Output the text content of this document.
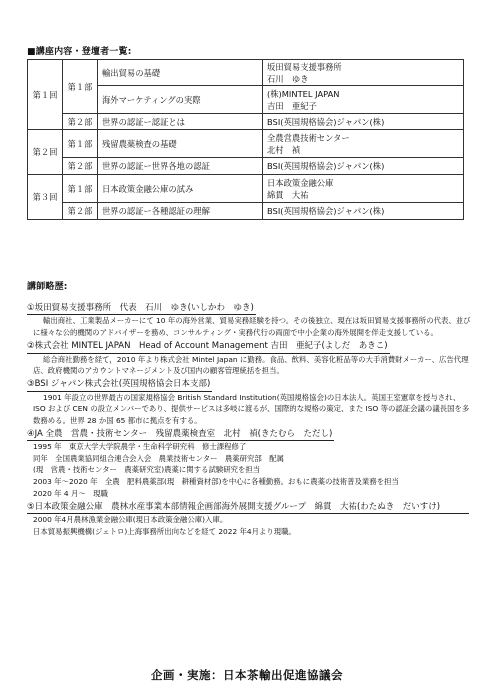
■講座内容・登壇者一覧:
第１回	第１部	輸出貿易の基礎	坂田貿易支援事務所
石川　ゆき

		海外マーケティングの実際	(株)MINTEL JAPAN
吉田　亜紀子

	第２部	世界の認証ー認証とは	BSI(英国規格協会)ジャパン(株)
第２回	第１部	残留農薬検査の基礎	全農営農技術センター
北村　禎

	第２部	世界の認証ー世界各地の認証	BSI(英国規格協会)ジャパン(株)
第３回	第１部	日本政策金融公庫の試み	日本政策金融公庫
綿貫　大祐

	第２部	世界の認証ー各種認証の理解	BSI(英国規格協会)ジャパン(株)
講師略歴:
①坂田貿易支援事務所　代表　石川　ゆき(いしかわ　ゆき)

輸出商社、工業製品メーカーにて 10 年の海外営業、貿易実務経験を持つ。その後独立、現在は坂田貿易支援事務所の代表、並びに様々な公的機関のアドバイザーを務め、コンサルティング・実務代行の両面で中小企業の海外展開を伴走支援している。

②株式会社 MINTEL JAPAN　Head of Account Management 吉田　亜紀子(よしだ　あきこ)

総合商社勤務を経て，2010 年より株式会社 Mintel Japan に勤務。食品、飲料、美容化粧品等の大手消費財メーカー、広告代理店、政府機関のアカウントマネージメント及び国内の顧客管理統括を担当。

③BSI ジャパン株式会社(英国規格協会日本支部)

1901 年設立の世界最古の国家規格協会 British Standard Institution(英国規格協会)の日本法人。英国王室憲章を授与され、ISO および CEN の設立メンバーであり、提供サービスは多岐に渡るが、国際的な規格の策定、また ISO 等の認証会議の議長国を多数務める。世界 28 か国 65 都市に拠点を有する。

④JA 全農　営農・技術センター　残留農薬検査室　北村　禎(きたむら　ただし)

1995 年　東京大学大学院農学・生命科学研究科　修士課程修了

同年　全国農業協同組合連合会入会　農業技術センター　農薬研究部　配属

(現　営農・技術センター　農薬研究室)農薬に関する試験研究を担当

2003 年～2020 年　全農　肥料農薬部(現　耕種資材部)を中心に各種勤務。おもに農薬の技術普及業務を担当

2020 年 4 月～　現職

⑤日本政策金融公庫　農林水産事業本部情報企画部海外展開支援グループ　綿貫　大祐(わたぬき　だいすけ)

2000 年4月農林漁業金融公庫(現日本政策金融公庫)入庫。

日本貿易振興機構(ジェトロ)上海事務所出向などを経て 2022 年4月より現職。

企画・実施：日本茶輸出促進協議会
